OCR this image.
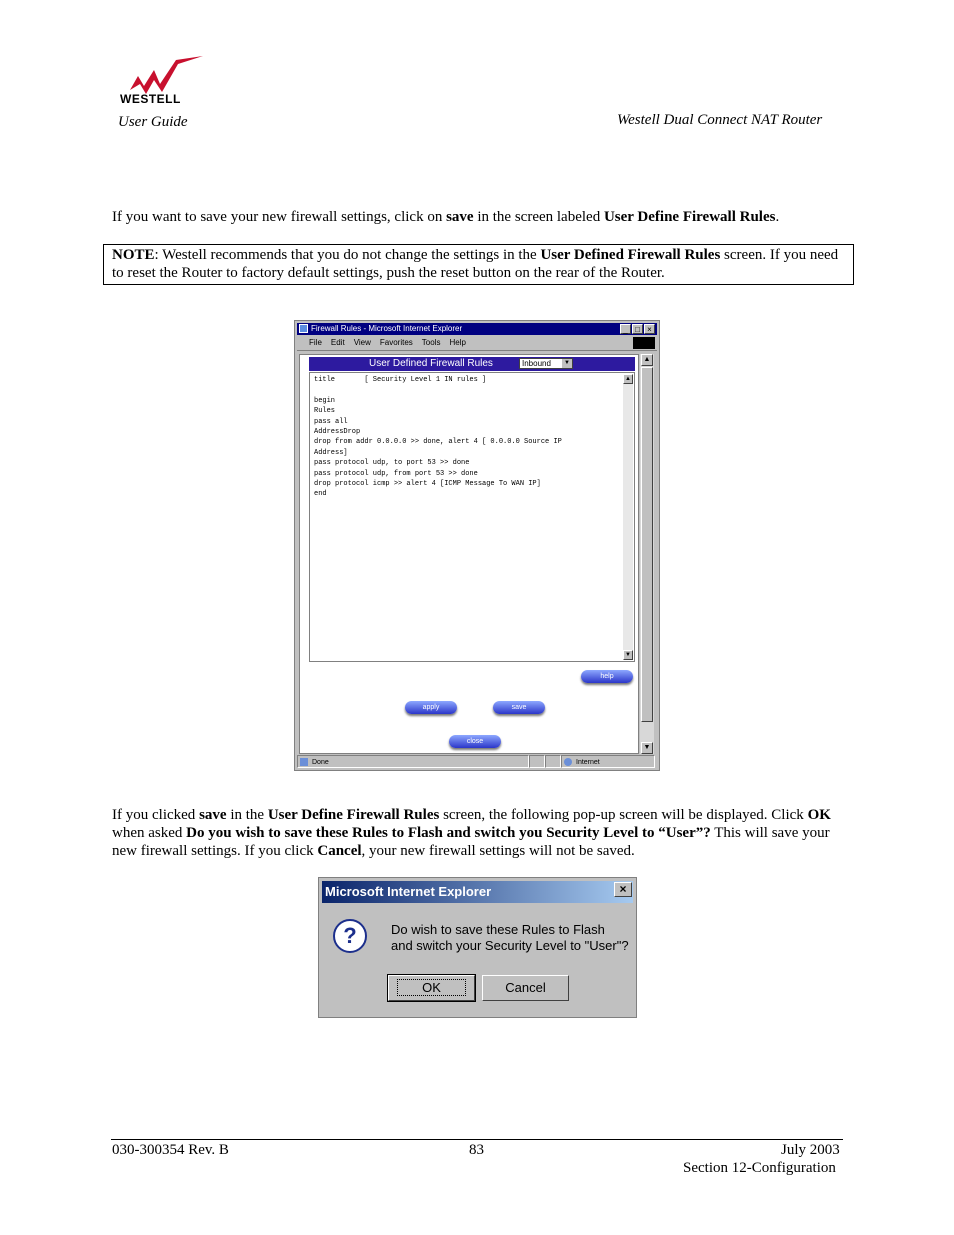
WESTELL
User Guide	Westell Dual Connect NAT Router

If you want to save your new firewall settings, click on save in the screen labeled User Define Firewall Rules.

NOTE: Westell recommends that you do not change the settings in the User Defined Firewall Rules screen. If you need to reset the Router to factory default settings, push the reset button on the rear of the Router.
Firewall Rules - Microsoft Internet Explorer	_ □ ×
File Edit View Favorites Tools Help
User Defined Firewall Rules	Inbound	▼
title       [ Security Level 1 IN rules ]

begin
Rules
pass all
AddressDrop
drop from addr 0.0.0.0 >> done, alert 4 [ 0.0.0.0 Source IP
Address]
pass protocol udp, to port 53 >> done
pass protocol udp, from port 53 >> done
drop protocol icmp >> alert 4 [ICMP Message To WAN IP]
end
▲
▼
help
apply	save
close
▲
▼
Done	Internet

If you clicked save in the User Define Firewall Rules screen, the following pop-up screen will be displayed. Click OK when asked Do you wish to save these Rules to Flash and switch you Security Level to “User”? This will save your new firewall settings. If you click Cancel, your new firewall settings will not be saved.

Microsoft Internet Explorer	×
?	Do wish to save these Rules to Flash
and switch your Security Level to "User"?
OK	Cancel
030-300354 Rev. B	83	July 2003
Section 12-Configuration
